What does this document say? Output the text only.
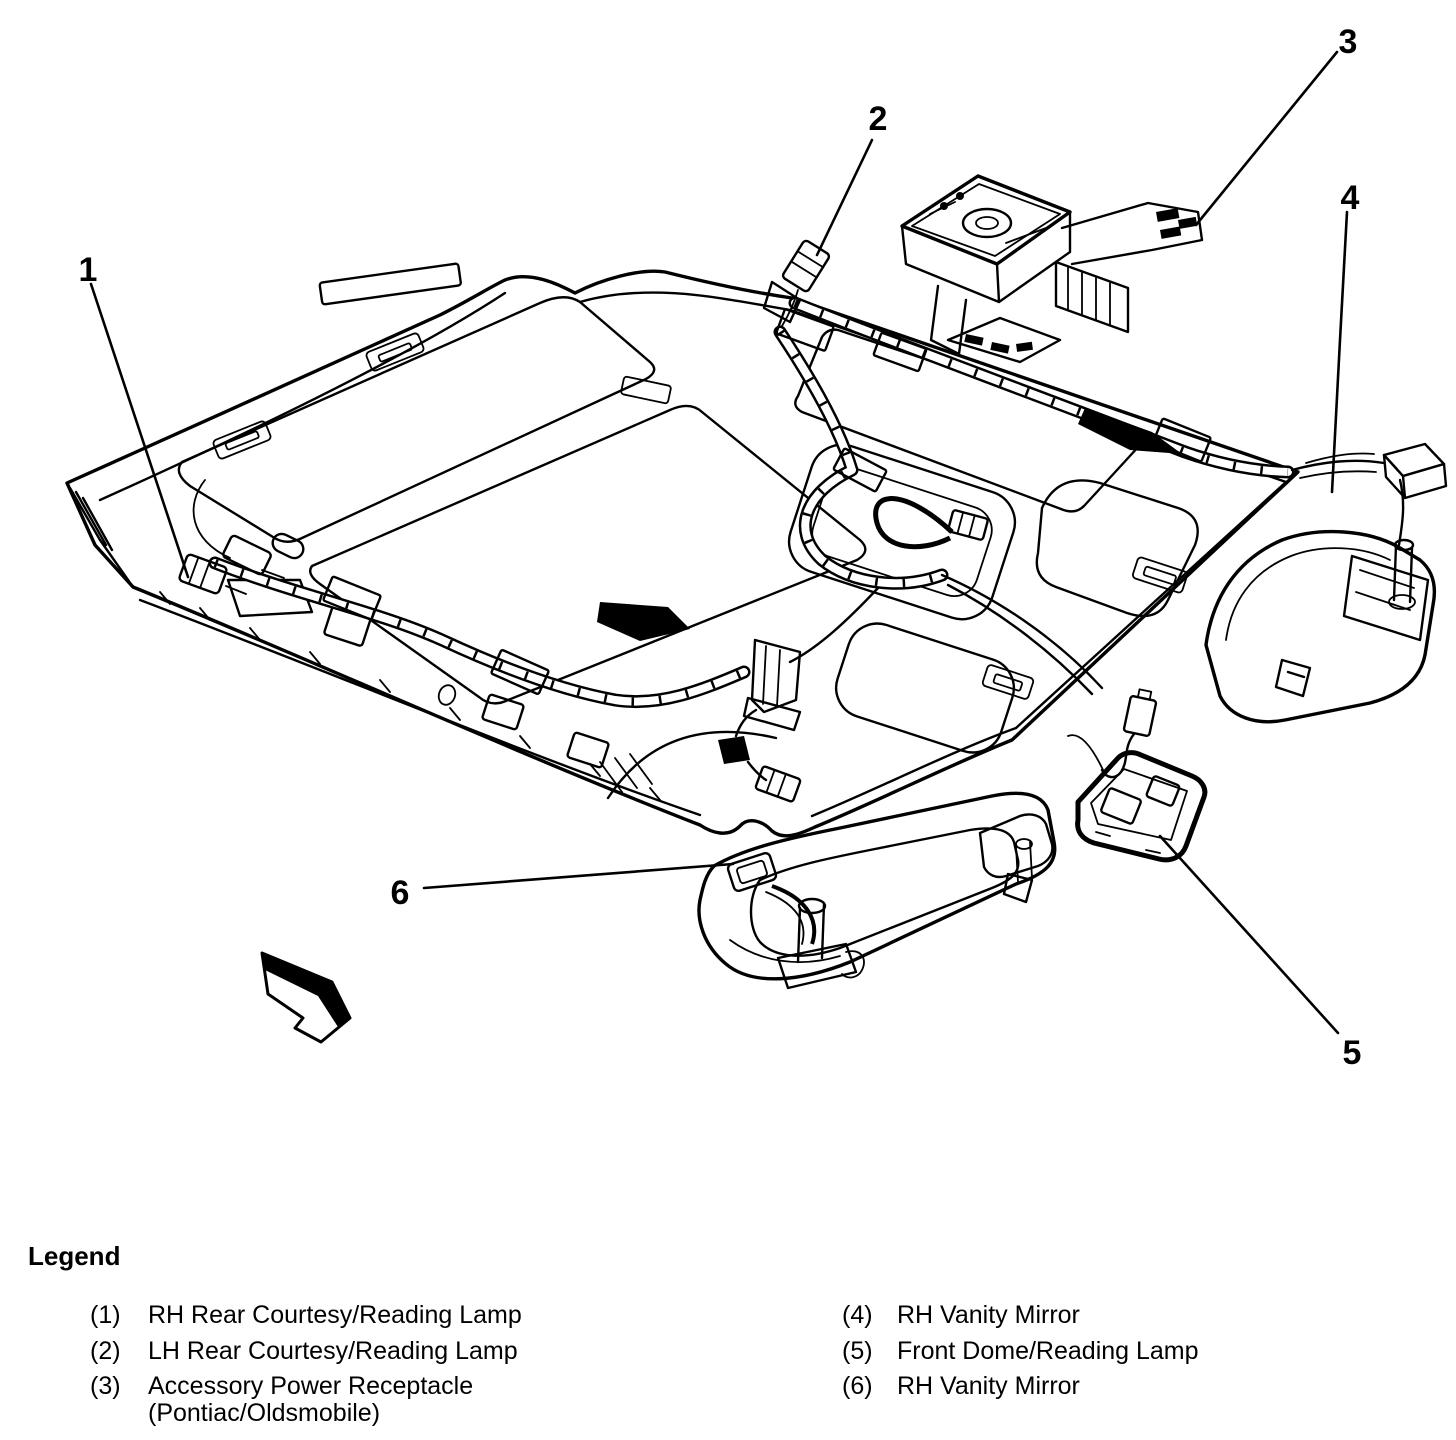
1
2
3
4
5
6
Legend
(1) RH Rear Courtesy/Reading Lamp
(2) LH Rear Courtesy/Reading Lamp
(3) Accessory Power Receptacle
(Pontiac/Oldsmobile)
(4) RH Vanity Mirror
(5) Front Dome/Reading Lamp
(6) RH Vanity Mirror
